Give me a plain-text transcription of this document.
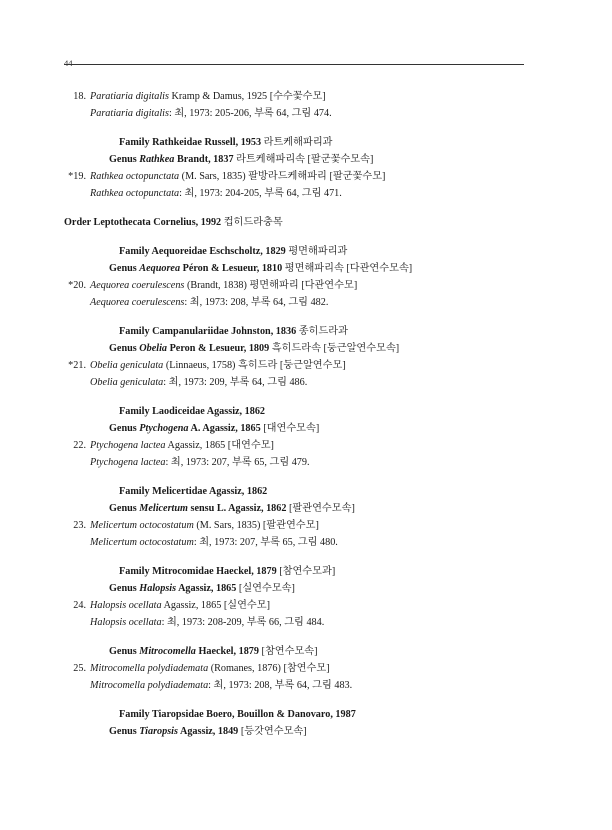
44
18. Paratiaria digitalis Kramp & Damus, 1925 [수수꽃수모]
Paratiaria digitalis: 최, 1973: 205-206, 부록 64, 그림 474.
Family Rathkeidae Russell, 1953 라트케해파리과
Genus Rathkea Brandt, 1837 라트케해파리속 [팔군꽃수모속]
*19. Rathkea octopunctata (M. Sars, 1835) 팔방라드케해파리 [팔군꽃수모]
Rathkea octopunctata: 최, 1973: 204-205, 부록 64, 그림 471.
Order Leptothecata Cornelius, 1992 컵히드라충목
Family Aequoreidae Eschscholtz, 1829 평면해파리과
Genus Aequorea Péron & Lesueur, 1810 평면해파리속 [다관연수모속]
*20. Aequorea coerulescens (Brandt, 1838) 평면해파리 [다관연수모]
Aequorea coerulescens: 최, 1973: 208, 부록 64, 그림 482.
Family Campanulariidae Johnston, 1836 종히드라과
Genus Obelia Peron & Lesueur, 1809 흑히드라속 [둥근알연수모속]
*21. Obelia geniculata (Linnaeus, 1758) 흑히드라 [둥근알연수모]
Obelia geniculata: 최, 1973: 209, 부록 64, 그림 486.
Family Laodiceidae Agassiz, 1862
Genus Ptychogena A. Agassiz, 1865 [대연수모속]
22. Ptychogena lactea Agassiz, 1865 [대연수모]
Ptychogena lactea: 최, 1973: 207, 부록 65, 그림 479.
Family Melicertidae Agassiz, 1862
Genus Melicertum sensu L. Agassiz, 1862 [팔관연수모속]
23. Melicertum octocostatum (M. Sars, 1835) [팔관연수모]
Melicertum octocostatum: 최, 1973: 207, 부록 65, 그림 480.
Family Mitrocomidae Haeckel, 1879 [참연수모과]
Genus Halopsis Agassiz, 1865 [실연수모속]
24. Halopsis ocellata Agassiz, 1865 [실연수모]
Halopsis ocellata: 최, 1973: 208-209, 부록 66, 그림 484.
Genus Mitrocomella Haeckel, 1879 [참연수모속]
25. Mitrocomella polydiademata (Romanes, 1876) [참연수모]
Mitrocomella polydiademata: 최, 1973: 208, 부록 64, 그림 483.
Family Tiaropsidae Boero, Bouillon & Danovaro, 1987
Genus Tiaropsis Agassiz, 1849 [등갓연수모속]
